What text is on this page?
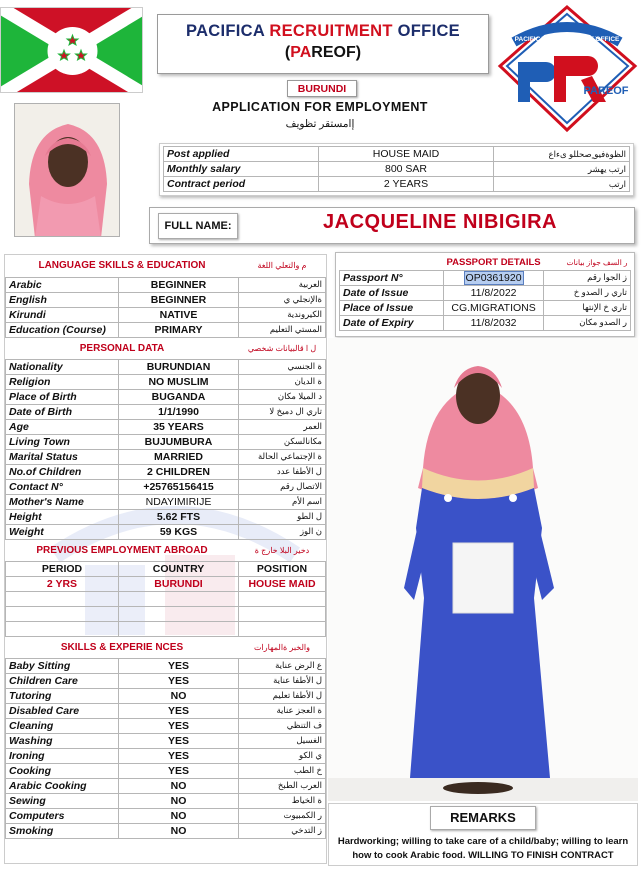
PACIFICA RECRUITMENT OFFICE
(PAREOF)
BURUNDI
APPLICATION FOR EMPLOYMENT
إامستقر تظويف
PACIFICA RECRUITMENT OFFICE
PAREOF
Post applied	HOUSE MAID	الظوةفيو ٍصحللو ىءاع
Monthly salary	800 SAR	ارتب يهشر
Contract period	2 YEARS	ارتب
FULL NAME:	JACQUELINE NIBIGIRA
	PASSPORT DETAILS	ر السف جواز بيانات
Passport N°	OP0361920	ز الجوا رقم
Date of Issue	11/8/2022	تاري ر الصدو خ
Place of Issue	CG.MIGRATIONS	تاري خ الإنتها
Date of Expiry	11/8/2032	ر الصدو مكان
LANGUAGE SKILLS & EDUCATION		م والتعلي اللغة
Arabic	BEGINNER	العربية
English	BEGINNER	ةالإنجلي ي
Kirundi	NATIVE	الكيروندية
Education (Course)	PRIMARY	المستي التعليم
PERSONAL DATA		ل ا قالبيانات شخصي
Nationality	BURUNDIAN	ة الجنسي
Religion	NO MUSLIM	ة الديان
Place of Birth	BUGANDA	د الميلا مكان
Date of Birth	1/1/1990	تاري ال دميخ لا
Age	35 YEARS	العمر
Living Town	BUJUMBURA	مكانالسكن
Marital Status	MARRIED	ة الإجتماعي الحالة
No.of Children	2 CHILDREN	ل الأطفا عدد
Contact N°	+25765156415	الاتصال رقم
Mother's Name	NDAYIMIRIJE	اسم الأم
Height	5.62 FTS	ل الطو
Weight	59 KGS	ن الوز
PREVIOUS EMPLOYMENT ABROAD		دخير البلا خارج ة
PERIOD	COUNTRY	POSITION
2 YRS	BURUNDI	HOUSE MAID

SKILLS & EXPERIE NCES		والخبر ةالمهارات
Baby Sitting	YES	ع الرض عناية
Children Care	YES	ل الأطفا عناية
Tutoring	NO	ل الأطفا تعليم
Disabled Care	YES	ة العجز عناية
Cleaning	YES	ف التنظي
Washing	YES	الغسيل
Ironing	YES	ي الكو
Cooking	YES	خ الطب
Arabic Cooking	NO	العرب الطبخ
Sewing	NO	ة الخياط
Computers	NO	ر الكمبيوت
Smoking	NO	ز التدخي
REMARKS
Hardworking; willing to take care of a child/baby; willing to learn
how to cook Arabic food. WILLING TO FINISH CONTRACT
